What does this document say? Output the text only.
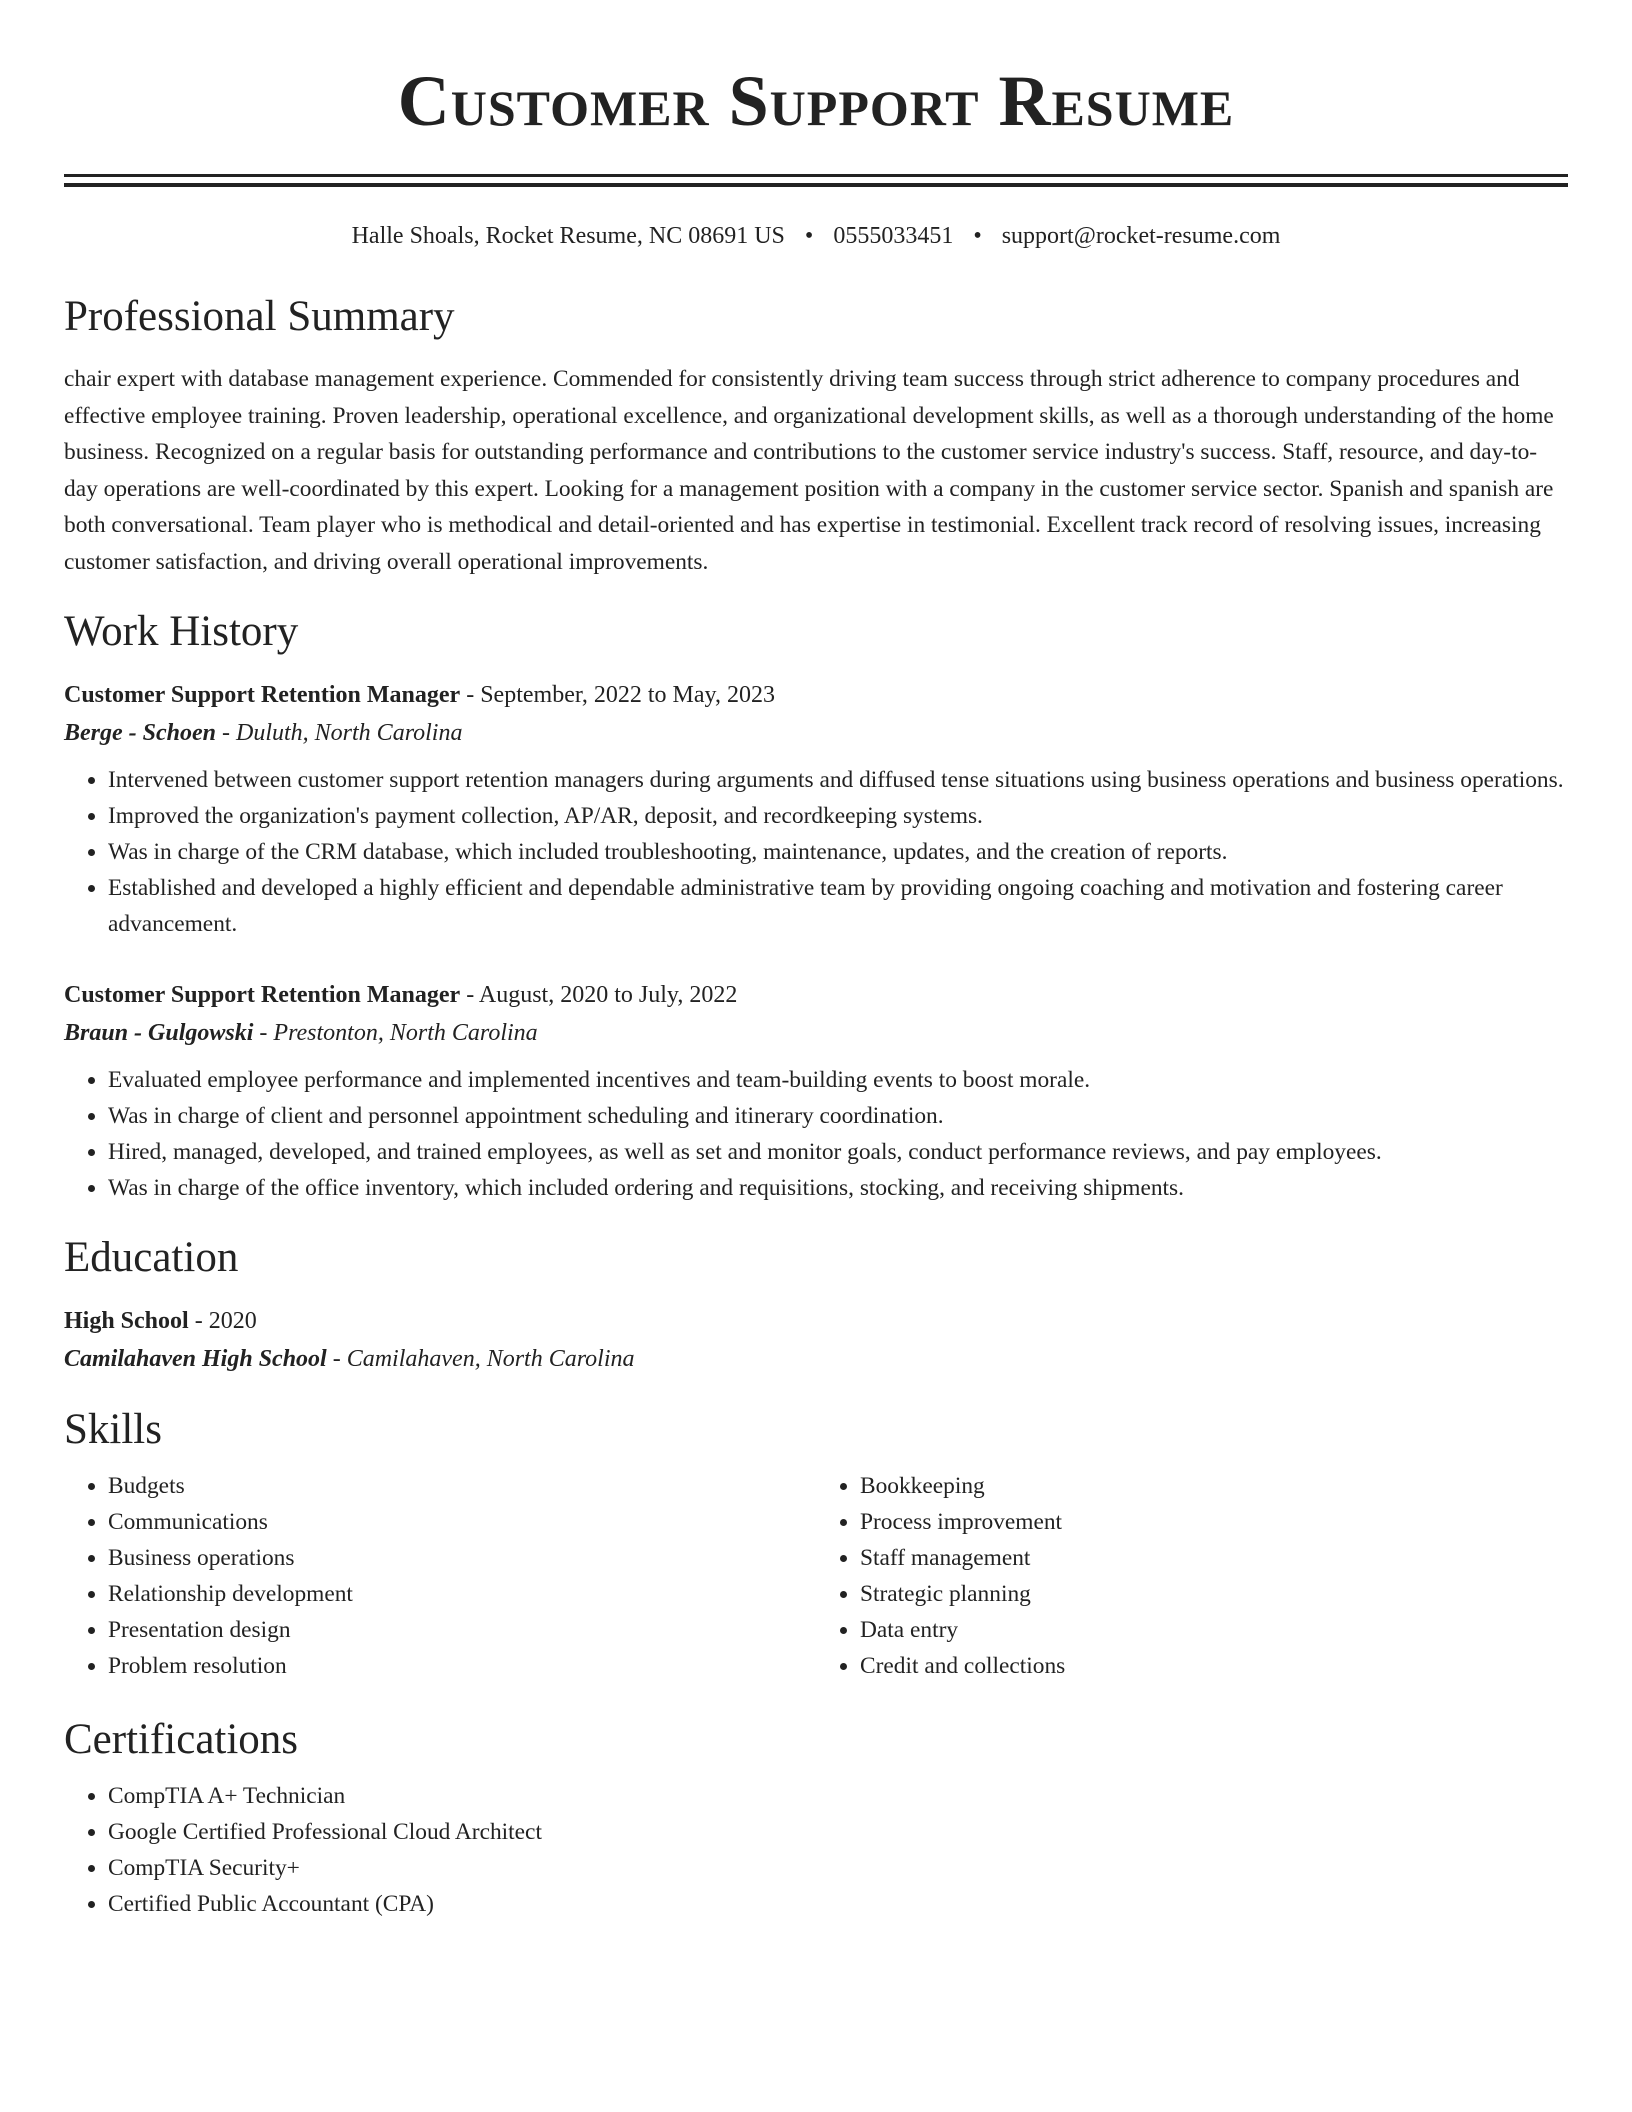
Customer Support Resume
Halle Shoals, Rocket Resume, NC 08691 US • 0555033451 • support@rocket-resume.com
Professional Summary
chair expert with database management experience. Commended for consistently driving team success through strict adherence to company procedures and effective employee training. Proven leadership, operational excellence, and organizational development skills, as well as a thorough understanding of the home business. Recognized on a regular basis for outstanding performance and contributions to the customer service industry's success. Staff, resource, and day-to-day operations are well-coordinated by this expert. Looking for a management position with a company in the customer service sector. Spanish and spanish are both conversational. Team player who is methodical and detail-oriented and has expertise in testimonial. Excellent track record of resolving issues, increasing customer satisfaction, and driving overall operational improvements.
Work History
Customer Support Retention Manager - September, 2022 to May, 2023
Berge - Schoen - Duluth, North Carolina
• Intervened between customer support retention managers during arguments and diffused tense situations using business operations and business operations.
• Improved the organization's payment collection, AP/AR, deposit, and recordkeeping systems.
• Was in charge of the CRM database, which included troubleshooting, maintenance, updates, and the creation of reports.
• Established and developed a highly efficient and dependable administrative team by providing ongoing coaching and motivation and fostering career advancement.
Customer Support Retention Manager - August, 2020 to July, 2022
Braun - Gulgowski - Prestonton, North Carolina
• Evaluated employee performance and implemented incentives and team-building events to boost morale.
• Was in charge of client and personnel appointment scheduling and itinerary coordination.
• Hired, managed, developed, and trained employees, as well as set and monitor goals, conduct performance reviews, and pay employees.
• Was in charge of the office inventory, which included ordering and requisitions, stocking, and receiving shipments.
Education
High School - 2020
Camilahaven High School - Camilahaven, North Carolina
Skills
• Budgets
• Communications
• Business operations
• Relationship development
• Presentation design
• Problem resolution
• Bookkeeping
• Process improvement
• Staff management
• Strategic planning
• Data entry
• Credit and collections
Certifications
• CompTIA A+ Technician
• Google Certified Professional Cloud Architect
• CompTIA Security+
• Certified Public Accountant (CPA)
